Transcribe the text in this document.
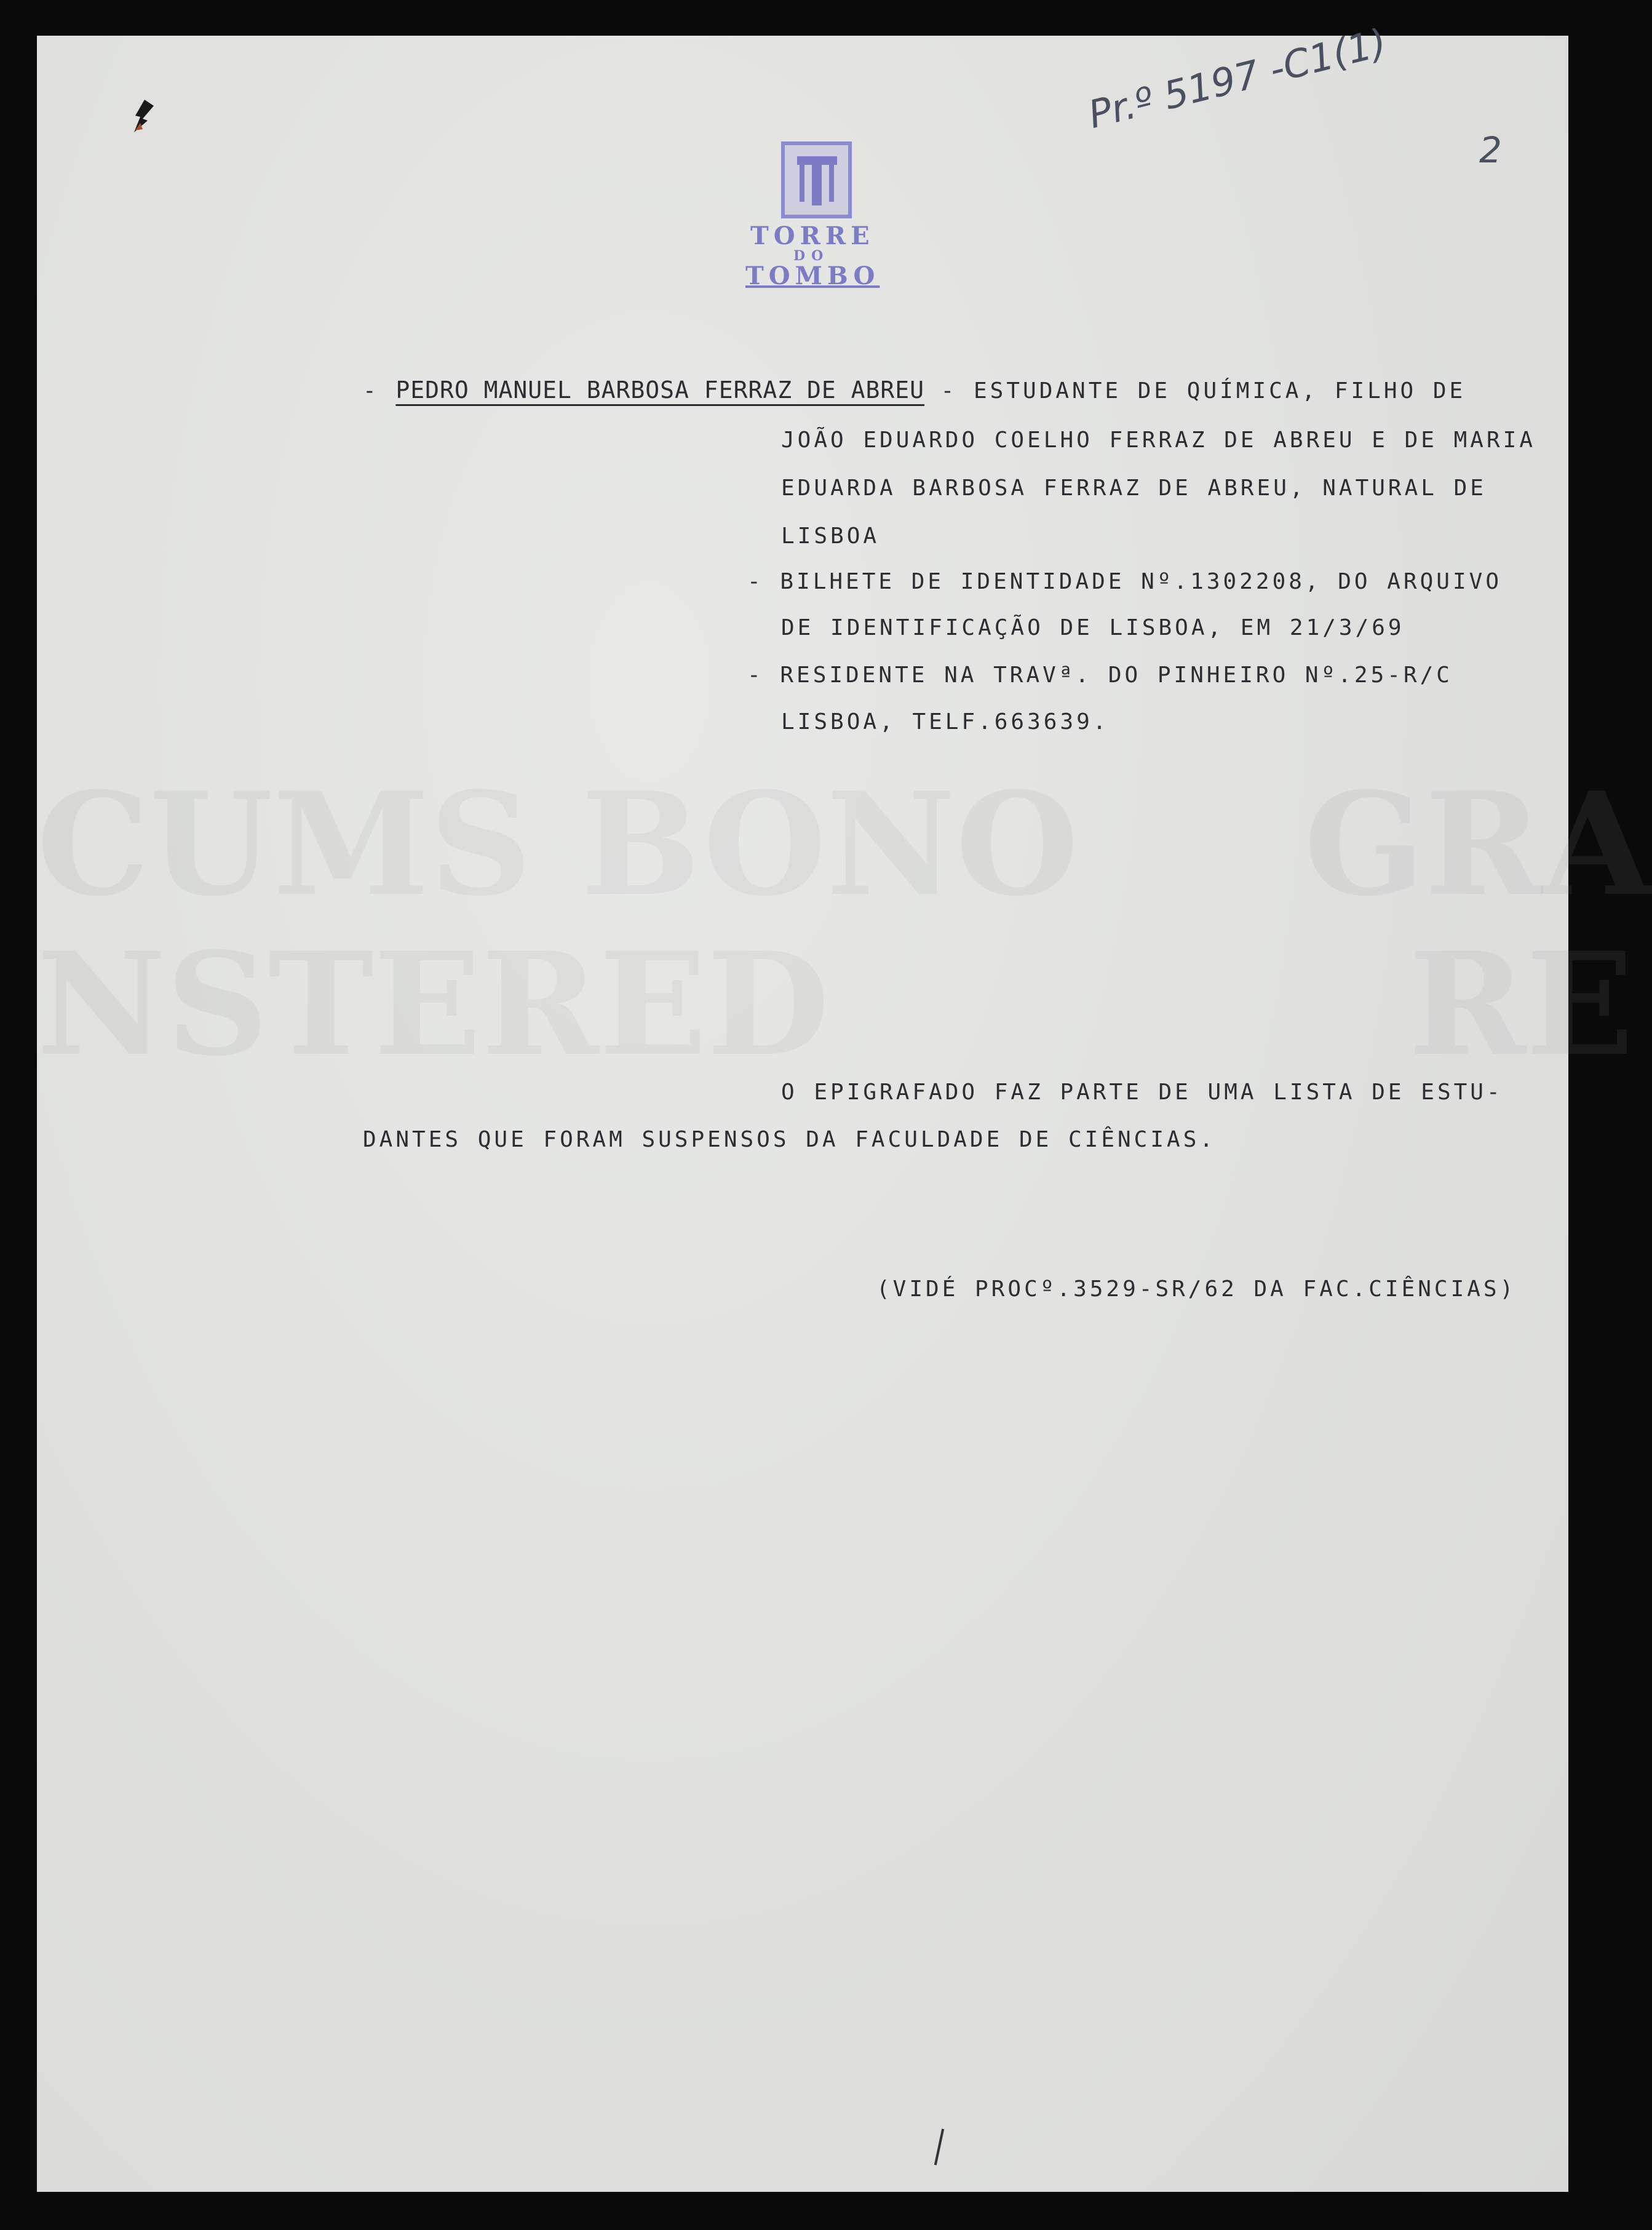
CUMS BONO GRA
NSTERED	RE
TORRE
DO
TOMBO
Pr.º 5197 -C1(1)
2
- PEDRO MANUEL BARBOSA FERRAZ DE ABREU - ESTUDANTE DE QUÍMICA, FILHO DE
JOÃO EDUARDO COELHO FERRAZ DE ABREU E DE MARIA
EDUARDA BARBOSA FERRAZ DE ABREU, NATURAL DE
LISBOA
- BILHETE DE IDENTIDADE Nº.1302208, DO ARQUIVO
DE IDENTIFICAÇÃO DE LISBOA, EM 21/3/69
- RESIDENTE NA TRAVª. DO PINHEIRO Nº.25-R/C
LISBOA, TELF.663639.
O EPIGRAFADO FAZ PARTE DE UMA LISTA DE ESTU-
DANTES QUE FORAM SUSPENSOS DA FACULDADE DE CIÊNCIAS.
(VIDÉ PROCº.3529-SR/62 DA FAC.CIÊNCIAS)
